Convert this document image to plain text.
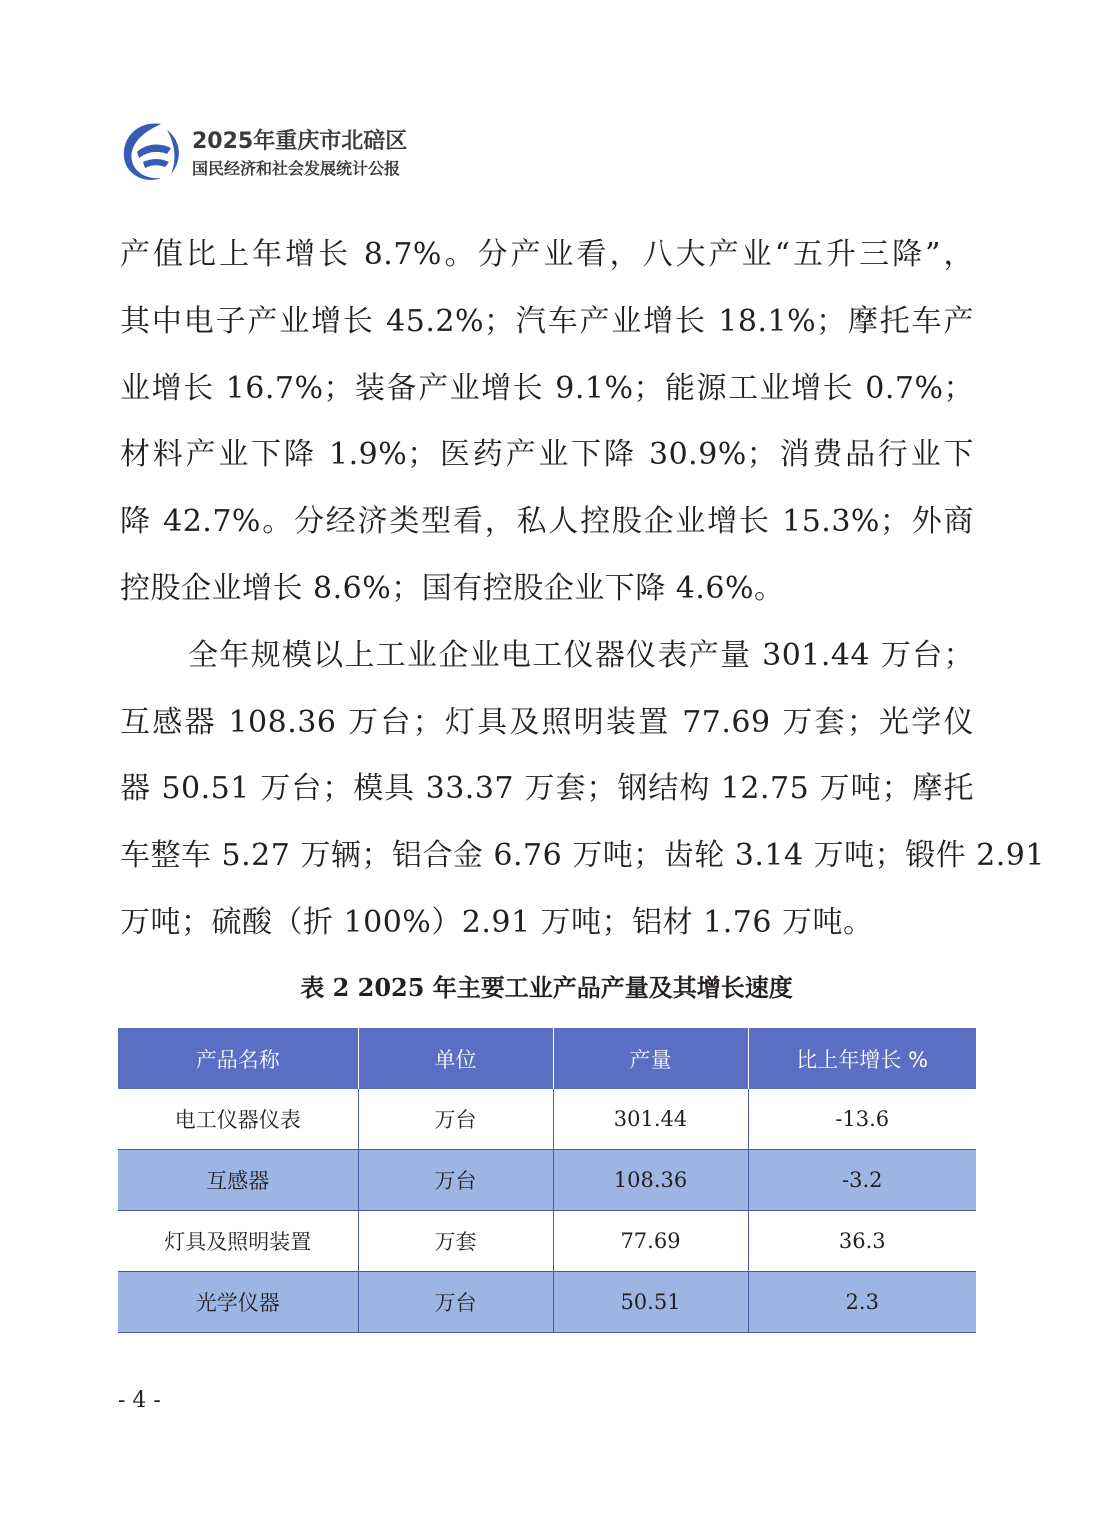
2025年重庆市北碚区
国民经济和社会发展统计公报
产值比上年增长 8.7%。分产业看，八大产业“五升三降”，
其中电子产业增长 45.2%；汽车产业增长 18.1%；摩托车产
业增长 16.7%；装备产业增长 9.1%；能源工业增长 0.7%；
材料产业下降 1.9%；医药产业下降 30.9%；消费品行业下
降 42.7%。分经济类型看，私人控股企业增长 15.3%；外商
控股企业增长 8.6%；国有控股企业下降 4.6%。
全年规模以上工业企业电工仪器仪表产量 301.44 万台；
互感器 108.36 万台；灯具及照明装置 77.69 万套；光学仪
器 50.51 万台；模具 33.37 万套；钢结构 12.75 万吨；摩托
车整车 5.27 万辆；铝合金 6.76 万吨；齿轮 3.14 万吨；锻件 2.91
万吨；硫酸（折 100%）2.91 万吨；铝材 1.76 万吨。
表 2 2025 年主要工业产品产量及其增长速度
产品名称	单位	产量	比上年增长 %
电工仪器仪表	万台	301.44	-13.6
互感器	万台	108.36	-3.2
灯具及照明装置	万套	77.69	36.3
光学仪器	万台	50.51	2.3
- 4 -
